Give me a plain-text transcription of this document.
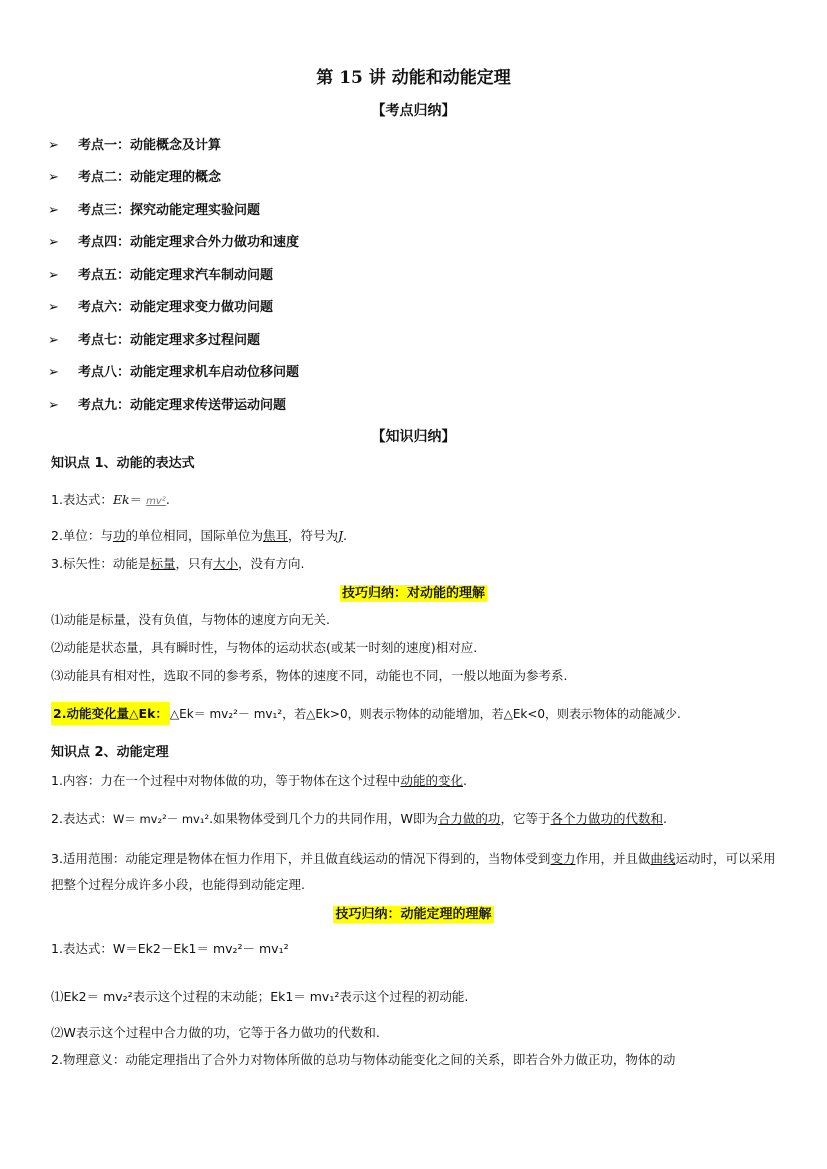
第 15 讲 动能和动能定理
【考点归纳】
➢ 考点一：动能概念及计算
➢ 考点二：动能定理的概念
➢ 考点三：探究动能定理实验问题
➢ 考点四：动能定理求合外力做功和速度
➢ 考点五：动能定理求汽车制动问题
➢ 考点六：动能定理求变力做功问题
➢ 考点七：动能定理求多过程问题
➢ 考点八：动能定理求机车启动位移问题
➢ 考点九：动能定理求传送带运动问题
【知识归纳】
知识点 1、动能的表达式
1.表达式：Ek＝ mv².
2.单位：与功的单位相同，国际单位为焦耳，符号为J.
3.标矢性：动能是标量，只有大小，没有方向.
技巧归纳：对动能的理解
⑴动能是标量，没有负值，与物体的速度方向无关.
⑵动能是状态量，具有瞬时性，与物体的运动状态(或某一时刻的速度)相对应.
⑶动能具有相对性，选取不同的参考系，物体的速度不同，动能也不同，一般以地面为参考系.
2.动能变化量△Ek： △Ek＝ mv₂²－ mv₁²，若△Ek>0，则表示物体的动能增加，若△Ek<0，则表示物体的动能减少.
知识点 2、动能定理
1.内容：力在一个过程中对物体做的功，等于物体在这个过程中动能的变化.
2.表达式：W＝ mv₂²－ mv₁².如果物体受到几个力的共同作用，W即为合力做的功，它等于各个力做功的代数和.
3.适用范围：动能定理是物体在恒力作用下，并且做直线运动的情况下得到的，当物体受到变力作用，并且做曲线运动时，可以采用把整个过程分成许多小段，也能得到动能定理.
技巧归纳：动能定理的理解
1.表达式：W＝Ek2－Ek1＝ mv₂²－ mv₁²
⑴Ek2＝ mv₂²表示这个过程的末动能；Ek1＝ mv₁²表示这个过程的初动能.
⑵W表示这个过程中合力做的功，它等于各力做功的代数和.
2.物理意义：动能定理指出了合外力对物体所做的总功与物体动能变化之间的关系，即若合外力做正功，物体的动
